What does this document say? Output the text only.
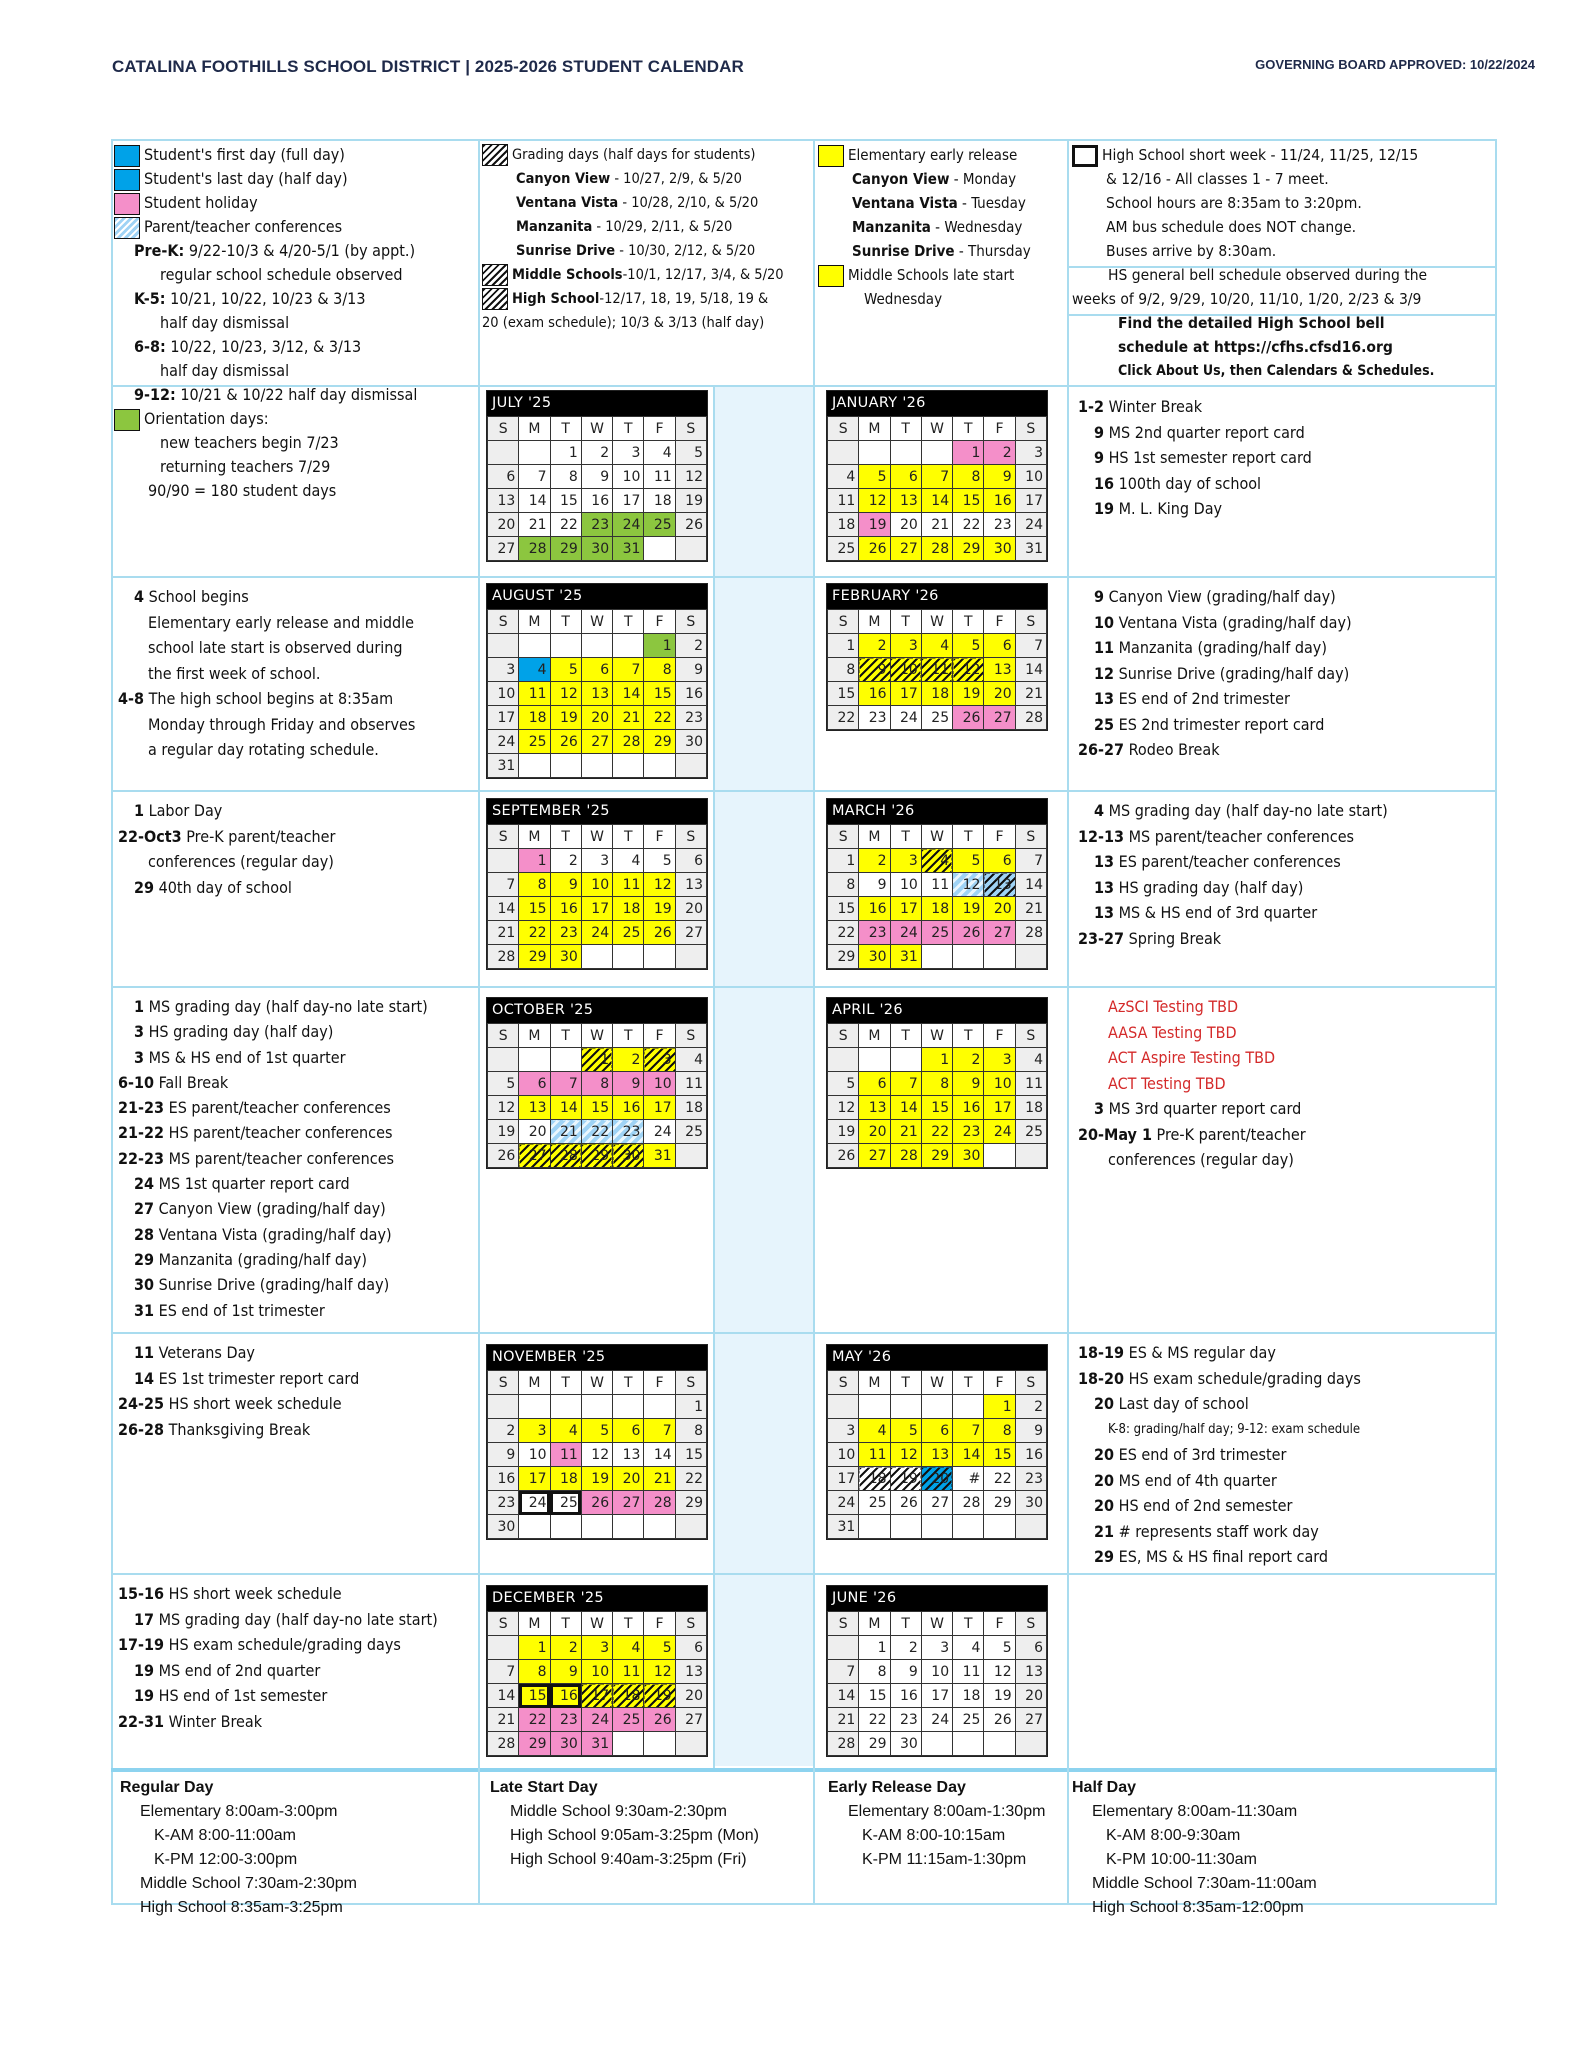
CATALINA FOOTHILLS SCHOOL DISTRICT | 2025-2026 STUDENT CALENDAR	GOVERNING BOARD APPROVED: 10/22/2024
Student's first day (full day)
Student's last day (half day)
Student holiday
Parent/teacher conferences
Pre-K: 9/22-10/3 & 4/20-5/1 (by appt.)
regular school schedule observed
K-5: 10/21, 10/22, 10/23 & 3/13
half day dismissal
6-8: 10/22, 10/23, 3/12, & 3/13
half day dismissal
9-12: 10/21 & 10/22 half day dismissal
Orientation days:
new teachers begin 7/23
returning teachers 7/29
90/90 = 180 student days
Grading days (half days for students)
Canyon View - 10/27, 2/9, & 5/20
Ventana Vista - 10/28, 2/10, & 5/20
Manzanita - 10/29, 2/11, & 5/20
Sunrise Drive - 10/30, 2/12, & 5/20
Middle Schools-10/1, 12/17, 3/4, & 5/20
High School-12/17, 18, 19, 5/18, 19 &
20 (exam schedule); 10/3 & 3/13 (half day)
Elementary early release
Canyon View - Monday
Ventana Vista - Tuesday
Manzanita - Wednesday
Sunrise Drive - Thursday
Middle Schools late start
Wednesday
High School short week - 11/24, 11/25, 12/15
& 12/16 - All classes 1 - 7 meet.
School hours are 8:35am to 3:20pm.
AM bus schedule does NOT change.
Buses arrive by 8:30am.
HS general bell schedule observed during the
weeks of 9/2, 9/29, 10/20, 11/10, 1/20, 2/23 & 3/9
Find the detailed High School bell
schedule at https://cfhs.cfsd16.org
Click About Us, then Calendars & Schedules.
4 School begins
Elementary early release and middle
school late start is observed during
the first week of school.
4-8 The high school begins at 8:35am
Monday through Friday and observes
a regular day rotating schedule.
1 Labor Day
22-Oct3 Pre-K parent/teacher
conferences (regular day)
29 40th day of school
1 MS grading day (half day-no late start)
3 HS grading day (half day)
3 MS & HS end of 1st quarter
6-10 Fall Break
21-23 ES parent/teacher conferences
21-22 HS parent/teacher conferences
22-23 MS parent/teacher conferences
24 MS 1st quarter report card
27 Canyon View (grading/half day)
28 Ventana Vista (grading/half day)
29 Manzanita (grading/half day)
30 Sunrise Drive (grading/half day)
31 ES end of 1st trimester
11 Veterans Day
14 ES 1st trimester report card
24-25 HS short week schedule
26-28 Thanksgiving Break
15-16 HS short week schedule
17 MS grading day (half day-no late start)
17-19 HS exam schedule/grading days
19 MS end of 2nd quarter
19 HS end of 1st semester
22-31 Winter Break
1-2 Winter Break
9 MS 2nd quarter report card
9 HS 1st semester report card
16 100th day of school
19 M. L. King Day
9 Canyon View (grading/half day)
10 Ventana Vista (grading/half day)
11 Manzanita (grading/half day)
12 Sunrise Drive (grading/half day)
13 ES end of 2nd trimester
25 ES 2nd trimester report card
26-27 Rodeo Break
4 MS grading day (half day-no late start)
12-13 MS parent/teacher conferences
13 ES parent/teacher conferences
13 HS grading day (half day)
13 MS & HS end of 3rd quarter
23-27 Spring Break
AzSCI Testing TBD
AASA Testing TBD
ACT Aspire Testing TBD
ACT Testing TBD
3 MS 3rd quarter report card
20-May 1 Pre-K parent/teacher
conferences (regular day)
18-19 ES & MS regular day
18-20 HS exam schedule/grading days
20 Last day of school
K-8: grading/half day; 9-12: exam schedule
20 ES end of 3rd trimester
20 MS end of 4th quarter
20 HS end of 2nd semester
21 # represents staff work day
29 ES, MS & HS final report card
JULY '25
S	M	T	W	T	F	S
		1	2	3	4	5
6	7	8	9	10	11	12
13	14	15	16	17	18	19
20	21	22	23	24	25	26
27	28	29	30	31		
AUGUST '25
S	M	T	W	T	F	S
					1	2
3	4	5	6	7	8	9
10	11	12	13	14	15	16
17	18	19	20	21	22	23
24	25	26	27	28	29	30
31						
SEPTEMBER '25
S	M	T	W	T	F	S
	1	2	3	4	5	6
7	8	9	10	11	12	13
14	15	16	17	18	19	20
21	22	23	24	25	26	27
28	29	30				
OCTOBER '25
S	M	T	W	T	F	S
			1	2	3	4
5	6	7	8	9	10	11
12	13	14	15	16	17	18
19	20	21	22	23	24	25
26	27	28	29	30	31	
NOVEMBER '25
S	M	T	W	T	F	S
						1
2	3	4	5	6	7	8
9	10	11	12	13	14	15
16	17	18	19	20	21	22
23	24	25	26	27	28	29
30						
DECEMBER '25
S	M	T	W	T	F	S
	1	2	3	4	5	6
7	8	9	10	11	12	13
14	15	16	17	18	19	20
21	22	23	24	25	26	27
28	29	30	31			
JANUARY '26
S	M	T	W	T	F	S
				1	2	3
4	5	6	7	8	9	10
11	12	13	14	15	16	17
18	19	20	21	22	23	24
25	26	27	28	29	30	31
FEBRUARY '26
S	M	T	W	T	F	S
1	2	3	4	5	6	7
8	9	10	11	12	13	14
15	16	17	18	19	20	21
22	23	24	25	26	27	28
MARCH '26
S	M	T	W	T	F	S
1	2	3	4	5	6	7
8	9	10	11	12	13	14
15	16	17	18	19	20	21
22	23	24	25	26	27	28
29	30	31				
APRIL '26
S	M	T	W	T	F	S
			1	2	3	4
5	6	7	8	9	10	11
12	13	14	15	16	17	18
19	20	21	22	23	24	25
26	27	28	29	30		
MAY '26
S	M	T	W	T	F	S
					1	2
3	4	5	6	7	8	9
10	11	12	13	14	15	16
17	18	19	20	#	22	23
24	25	26	27	28	29	30
31						
JUNE '26
S	M	T	W	T	F	S
	1	2	3	4	5	6
7	8	9	10	11	12	13
14	15	16	17	18	19	20
21	22	23	24	25	26	27
28	29	30				
Regular Day
Elementary 8:00am-3:00pm
K-AM 8:00-11:00am
K-PM 12:00-3:00pm
Middle School 7:30am-2:30pm
High School 8:35am-3:25pm
Late Start Day
Middle School 9:30am-2:30pm
High School 9:05am-3:25pm (Mon)
High School 9:40am-3:25pm (Fri)
Early Release Day
Elementary 8:00am-1:30pm
K-AM 8:00-10:15am
K-PM 11:15am-1:30pm
Half Day
Elementary 8:00am-11:30am
K-AM 8:00-9:30am
K-PM 10:00-11:30am
Middle School 7:30am-11:00am
High School 8:35am-12:00pm
